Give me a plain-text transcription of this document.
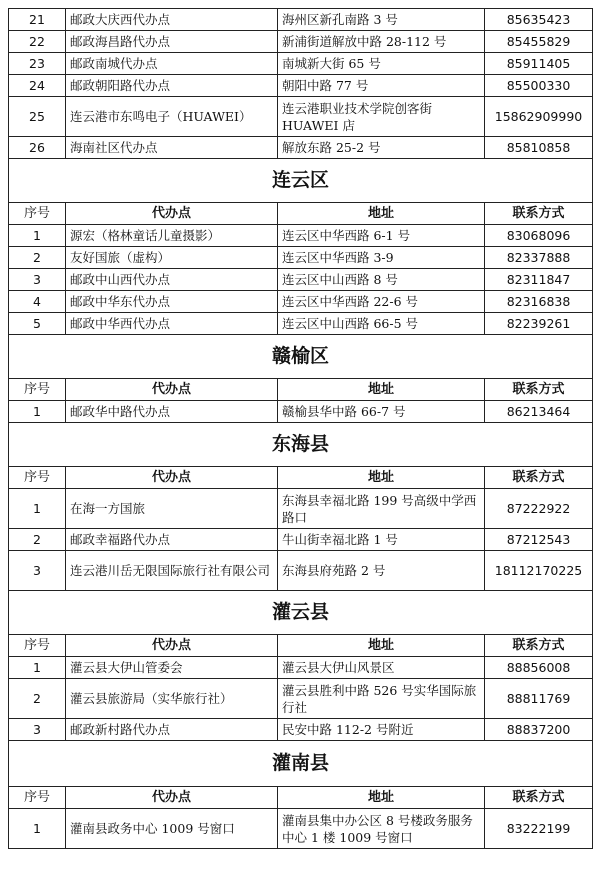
21	邮政大庆西代办点	海州区新孔南路 3 号	85635423
22	邮政海昌路代办点	新浦街道解放中路 28-112 号	85455829
23	邮政南城代办点	南城新大街 65 号	85911405
24	邮政朝阳路代办点	朝阳中路 77 号	85500330
25	连云港市东鸣电子（HUAWEI）	连云港职业技术学院创客街 HUAWEI 店	15862909990
26	海南社区代办点	解放东路 25-2 号	85810858
连云区			
序号	代办点	地址	联系方式
1	源宏（格林童话儿童摄影）	连云区中华西路 6-1 号	83068096
2	友好国旅（虚构）	连云区中华西路 3-9	82337888
3	邮政中山西代办点	连云区中山西路 8 号	82311847
4	邮政中华东代办点	连云区中华西路 22-6 号	82316838
5	邮政中华西代办点	连云区中山西路 66-5 号	82239261
赣榆区			
序号	代办点	地址	联系方式
1	邮政华中路代办点	赣榆县华中路 66-7 号	86213464
东海县			
序号	代办点	地址	联系方式
1	在海一方国旅	东海县幸福北路 199 号高级中学西路口	87222922
2	邮政幸福路代办点	牛山街幸福北路 1 号	87212543
3	连云港川岳无限国际旅行社有限公司	东海县府苑路 2 号	18112170225
灌云县			
序号	代办点	地址	联系方式
1	灌云县大伊山管委会	灌云县大伊山风景区	88856008
2	灌云县旅游局（实华旅行社）	灌云县胜利中路 526 号实华国际旅行社	88811769
3	邮政新村路代办点	民安中路 112-2 号附近	88837200
灌南县			
序号	代办点	地址	联系方式
1	灌南县政务中心 1009 号窗口	灌南县集中办公区 8 号楼政务服务中心 1 楼 1009 号窗口	83222199
